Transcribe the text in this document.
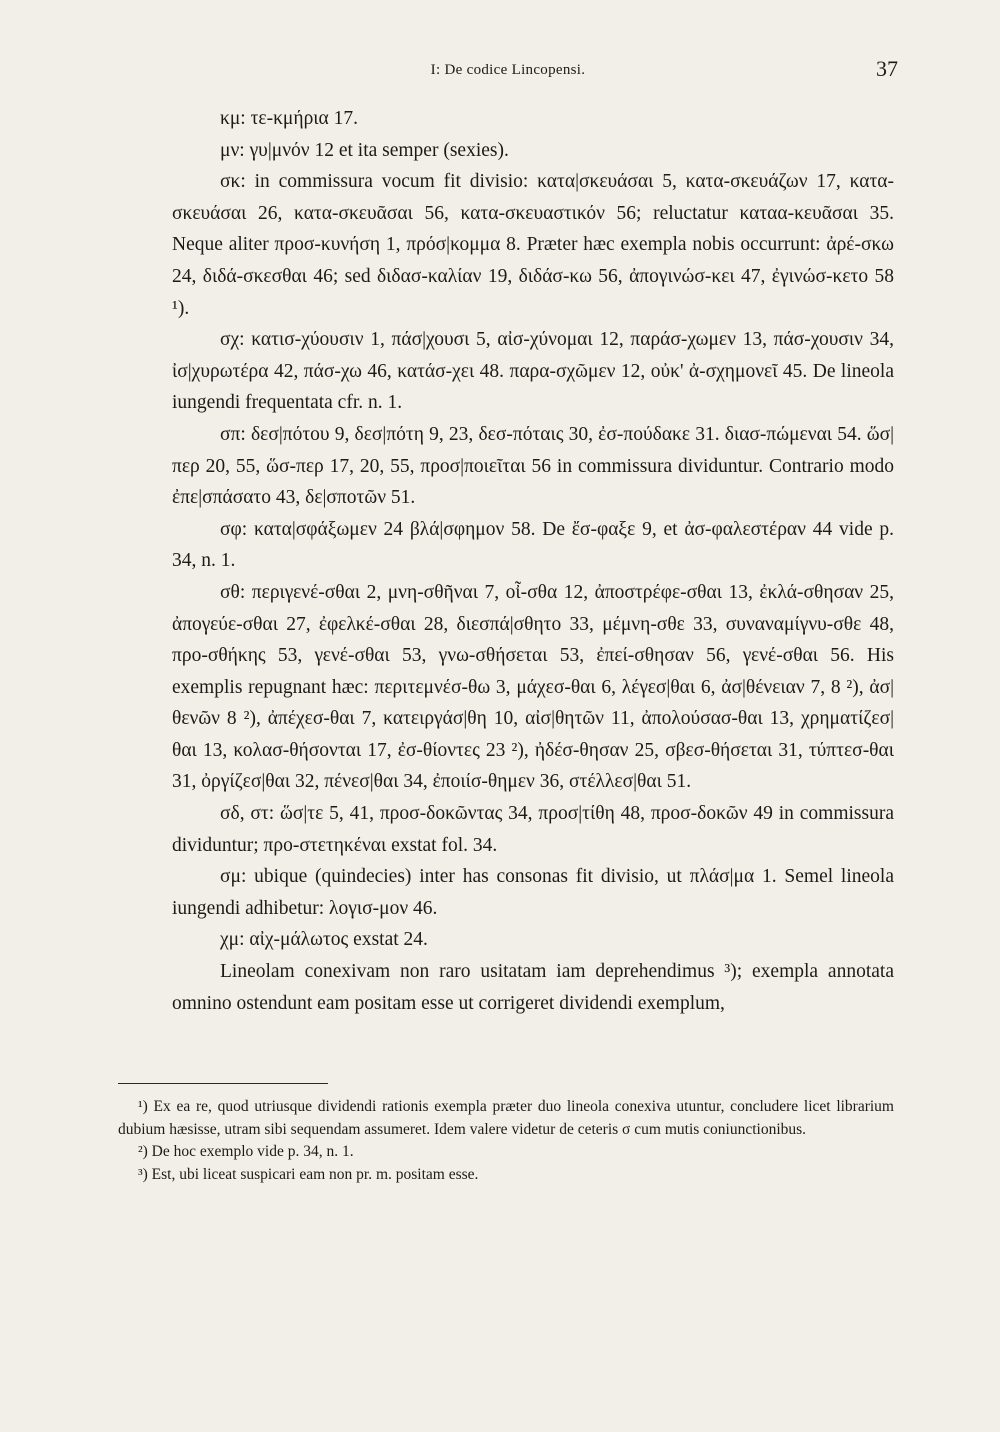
I: De codice Lincopensi.	37

κμ: τε-κμήρια 17.

μν: γυ|μνόν 12 et ita semper (sexies).

σκ: in commissura vocum fit divisio: κατα|σκευάσαι 5, κατα-σκευάζων 17, κατα-σκευάσαι 26, κατα-σκευᾶσαι 56, κατα-σκευαστικόν 56; reluctatur καταα-κευᾶσαι 35. Neque aliter προσ-κυνήση 1, πρόσ|κομμα 8. Præter hæc exempla nobis occurrunt: ἀρέ-σκω 24, διδά-σκεσθαι 46; sed διδασ-καλίαν 19, διδάσ-κω 56, ἀπογινώσ-κει 47, ἐγινώσ-κετο 58 ¹).

σχ: κατισ-χύουσιν 1, πάσ|χουσι 5, αἰσ-χύνομαι 12, παράσ-χωμεν 13, πάσ-χουσιν 34, ἰσ|χυρωτέρα 42, πάσ-χω 46, κατάσ-χει 48. παρα-σχῶμεν 12, οὐκ' ἀ-σχημονεῖ 45. De lineola iungendi frequentata cfr. n. 1.

σπ: δεσ|πότου 9, δεσ|πότη 9, 23, δεσ-πόταις 30, ἐσ-πούδακε 31. διασ-πώμεναι 54. ὥσ|περ 20, 55, ὥσ-περ 17, 20, 55, προσ|ποιεῖται 56 in commissura dividuntur. Contrario modo ἐπε|σπάσατο 43, δε|σποτῶν 51.

σφ: κατα|σφάξωμεν 24 βλά|σφημον 58. De ἔσ-φαξε 9, et ἀσ-φαλεστέραν 44 vide p. 34, n. 1.

σθ: περιγενέ-σθαι 2, μνη-σθῆναι 7, οἶ-σθα 12, ἀποστρέφε-σθαι 13, ἐκλά-σθησαν 25, ἀπογεύε-σθαι 27, ἐφελκέ-σθαι 28, διεσπά|σθητο 33, μέμνη-σθε 33, συναναμίγνυ-σθε 48, προ-σθήκης 53, γενέ-σθαι 53, γνω-σθήσεται 53, ἐπεί-σθησαν 56, γενέ-σθαι 56. His exemplis repugnant hæc: περιτεμνέσ-θω 3, μάχεσ-θαι 6, λέγεσ|θαι 6, ἀσ|θένειαν 7, 8 ²), ἀσ|θενῶν 8 ²), ἀπέχεσ-θαι 7, κατειργάσ|θη 10, αἰσ|θητῶν 11, ἀπολούσασ-θαι 13, χρηματίζεσ|θαι 13, κολασ-θήσονται 17, ἐσ-θίοντες 23 ²), ἠδέσ-θησαν 25, σβεσ-θήσεται 31, τύπτεσ-θαι 31, ὀργίζεσ|θαι 32, πένεσ|θαι 34, ἐποιίσ-θημεν 36, στέλλεσ|θαι 51.

σδ, στ: ὥσ|τε 5, 41, προσ-δοκῶντας 34, προσ|τίθη 48, προσ-δοκῶν 49 in commissura dividuntur; προ-στετηκέναι exstat fol. 34.

σμ: ubique (quindecies) inter has consonas fit divisio, ut πλάσ|μα 1. Semel lineola iungendi adhibetur: λογισ-μον 46.

χμ: αἰχ-μάλωτος exstat 24.

Lineolam conexivam non raro usitatam iam deprehendimus ³); exempla annotata omnino ostendunt eam positam esse ut corrigeret dividendi exemplum,

¹) Ex ea re, quod utriusque dividendi rationis exempla præter duo lineola conexiva utuntur, concludere licet librarium dubium hæsisse, utram sibi sequendam assumeret. Idem valere videtur de ceteris σ cum mutis coniunctionibus.

²) De hoc exemplo vide p. 34, n. 1.

³) Est, ubi liceat suspicari eam non pr. m. positam esse.
